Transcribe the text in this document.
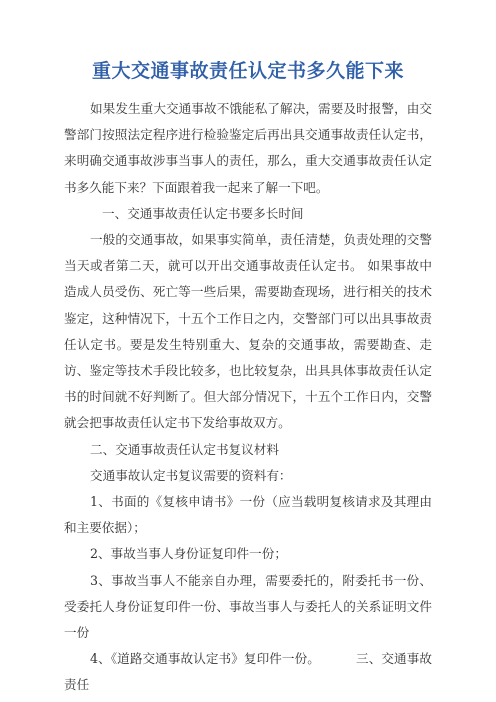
重大交通事故责任认定书多久能下来

如果发生重大交通事故不饿能私了解决，需要及时报警，由交警部门按照法定程序进行检验鉴定后再出具交通事故责任认定书，来明确交通事故涉事当事人的责任，那么，重大交通事故责任认定书多久能下来？下面跟着我一起来了解一下吧。

一、交通事故责任认定书要多长时间

一般的交通事故，如果事实简单，责任清楚，负责处理的交警当天或者第二天，就可以开出交通事故责任认定书。 如果事故中造成人员受伤、死亡等一些后果，需要勘查现场，进行相关的技术鉴定，这种情况下，十五个工作日之内，交警部门可以出具事故责任认定书。要是发生特别重大、复杂的交通事故，需要勘查、走访、鉴定等技术手段比较多，也比较复杂，出具具体事故责任认定书的时间就不好判断了。但大部分情况下，十五个工作日内，交警就会把事故责任认定书下发给事故双方。

二、交通事故责任认定书复议材料

交通事故认定书复议需要的资料有：

1、书面的《复核申请书》一份（应当载明复核请求及其理由和主要依据）；

2、事故当事人身份证复印件一份；

3、事故当事人不能亲自办理，需要委托的，附委托书一份、受委托人身份证复印件一份、事故当事人与委托人的关系证明文件一份

4、《道路交通事故认定书》复印件一份。	三、交通事故责任
